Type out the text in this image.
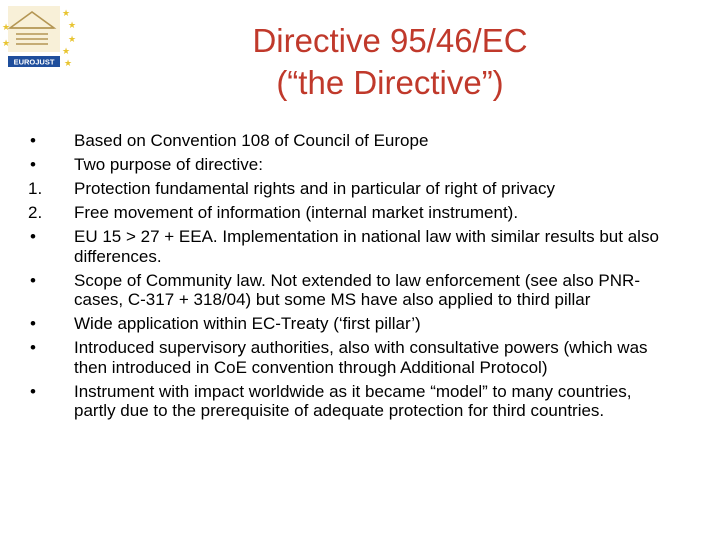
★
★
★
★
★
★
EUROJUST ★
Directive 95/46/EC
(“the Directive”)
•	Based on Convention 108 of Council of Europe
•	Two purpose of directive:
1.	Protection fundamental rights and in particular of right of privacy
2.	Free movement of information (internal market instrument).
•	EU 15 > 27 + EEA. Implementation in national law with similar results but also differences.
•	Scope of Community law. Not extended to law enforcement (see also PNR-cases, C-317 + 318/04) but some MS have also applied to third pillar
•	Wide application within EC-Treaty (‘first pillar’)
•	Introduced supervisory authorities, also with consultative powers (which was then introduced in CoE convention through Additional Protocol)
•	Instrument with impact worldwide as it became “model” to many countries, partly due to the prerequisite of adequate protection for third countries.
